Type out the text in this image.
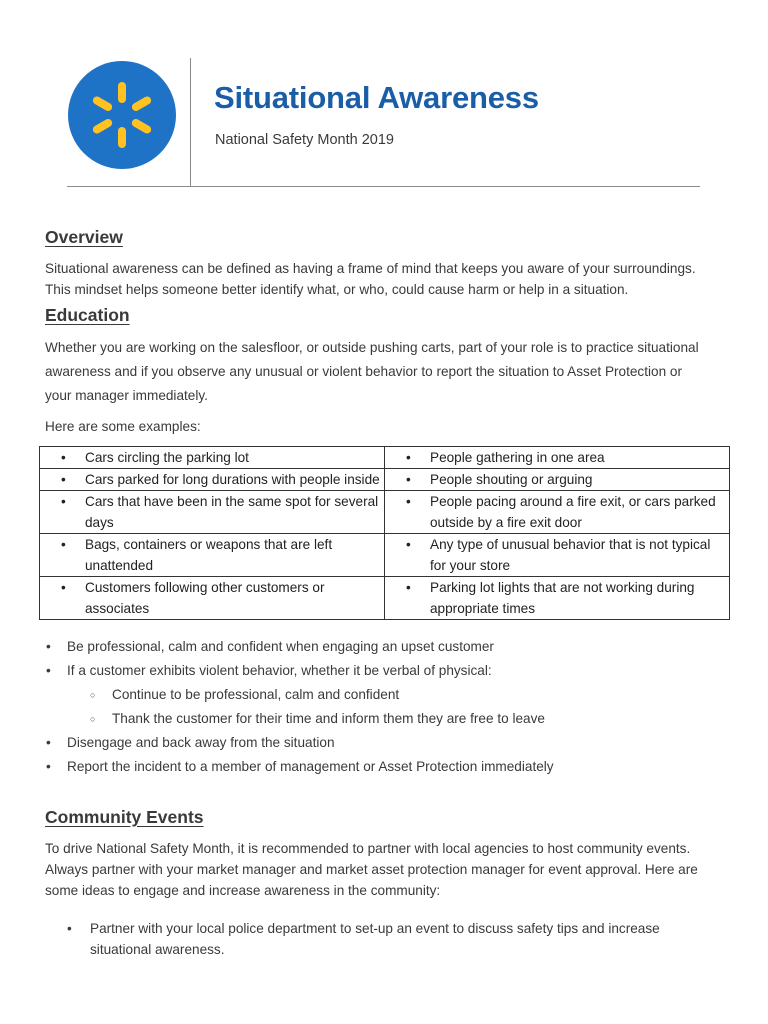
Situational Awareness
National Safety Month 2019
Overview
Situational awareness can be defined as having a frame of mind that keeps you aware of your surroundings.
This mindset helps someone better identify what, or who, could cause harm or help in a situation.
Education
Whether you are working on the salesfloor, or outside pushing carts, part of your role is to practice situational
awareness and if you observe any unusual or violent behavior to report the situation to Asset Protection or
your manager immediately.
Here are some examples:
• Cars circling the parking lot	• People gathering in one area

• Cars parked for long durations with people inside	• People shouting or arguing

• Cars that have been in the same spot for several days	• People pacing around a fire exit, or cars parked outside by a fire exit door

• Bags, containers or weapons that are left unattended	• Any type of unusual behavior that is not typical for your store

• Customers following other customers or associates	• Parking lot lights that are not working during appropriate times
• Be professional, calm and confident when engaging an upset customer
• If a customer exhibits violent behavior, whether it be verbal of physical:
○ Continue to be professional, calm and confident
○ Thank the customer for their time and inform them they are free to leave
• Disengage and back away from the situation
• Report the incident to a member of management or Asset Protection immediately
Community Events
To drive National Safety Month, it is recommended to partner with local agencies to host community events.
Always partner with your market manager and market asset protection manager for event approval. Here are
some ideas to engage and increase awareness in the community:
• Partner with your local police department to set-up an event to discuss safety tips and increase situational awareness.
